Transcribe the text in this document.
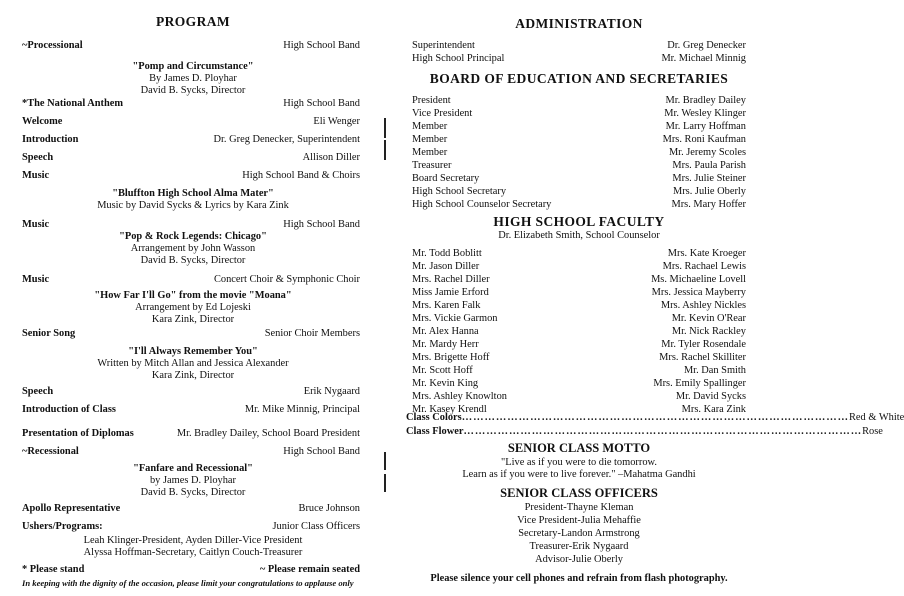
PROGRAM
~Processional	High School Band
"Pomp and Circumstance"
By James D. Ployhar
David B. Sycks, Director
*The National Anthem	High School Band
Welcome	Eli Wenger
Introduction	Dr. Greg Denecker, Superintendent
Speech	Allison Diller
Music	High School Band & Choirs
"Bluffton High School Alma Mater"
Music by David Sycks & Lyrics by Kara Zink
Music	High School Band
"Pop & Rock Legends: Chicago"
Arrangement by John Wasson
David B. Sycks, Director
Music	Concert Choir & Symphonic Choir
"How Far I'll Go" from the movie "Moana"
Arrangement by Ed Lojeski
Kara Zink, Director
Senior Song	Senior Choir Members
"I'll Always Remember You"
Written by Mitch Allan and Jessica Alexander
Kara Zink, Director
Speech	Erik Nygaard
Introduction of Class	Mr. Mike Minnig, Principal
Presentation of Diplomas	Mr. Bradley Dailey, School Board President
~Recessional	High School Band
"Fanfare and Recessional"
by James D. Ployhar
David B. Sycks, Director
Apollo Representative	Bruce Johnson
Ushers/Programs:	Junior Class Officers
Leah Klinger-President, Ayden Diller-Vice President
Alyssa Hoffman-Secretary, Caitlyn Couch-Treasurer
* Please stand	~ Please remain seated
In keeping with the dignity of the occasion, please limit your congratulations to applause only
ADMINISTRATION
Superintendent	Dr. Greg Denecker
High School Principal	Mr. Michael Minnig
BOARD OF EDUCATION AND SECRETARIES
President	Mr. Bradley Dailey
Vice President	Mr. Wesley Klinger
Member	Mr. Larry Hoffman
Member	Mrs. Roni Kaufman
Member	Mr. Jeremy Scoles
Treasurer	Mrs. Paula Parish
Board Secretary	Mrs. Julie Steiner
High School Secretary	Mrs. Julie Oberly
High School Counselor Secretary	Mrs. Mary Hoffer
HIGH SCHOOL FACULTY
Dr. Elizabeth Smith, School Counselor
Mr. Todd Boblitt	Mrs. Kate Kroeger
Mr. Jason Diller	Mrs. Rachael Lewis
Mrs. Rachel Diller	Ms. Michaeline Lovell
Miss Jamie Erford	Mrs. Jessica Mayberry
Mrs. Karen Falk	Mrs. Ashley Nickles
Mrs. Vickie Garmon	Mr. Kevin O'Rear
Mr. Alex Hanna	Mr. Nick Rackley
Mr. Mardy Herr	Mr. Tyler Rosendale
Mrs. Brigette Hoff	Mrs. Rachel Skilliter
Mr. Scott Hoff	Mr. Dan Smith
Mr. Kevin King	Mrs. Emily Spallinger
Mrs. Ashley Knowlton	Mr. David Sycks
Mr. Kasey Krendl	Mrs. Kara Zink
Class Colors ………………………………………………………………………………………… Red & White
Class Flower …………………………………………………………………………………………… Rose
SENIOR CLASS MOTTO
"Live as if you were to die tomorrow.
Learn as if you were to live forever." –Mahatma Gandhi
SENIOR CLASS OFFICERS
President-Thayne Kleman
Vice President-Julia Mehaffie
Secretary-Landon Armstrong
Treasurer-Erik Nygaard
Advisor-Julie Oberly
Please silence your cell phones and refrain from flash photography.
